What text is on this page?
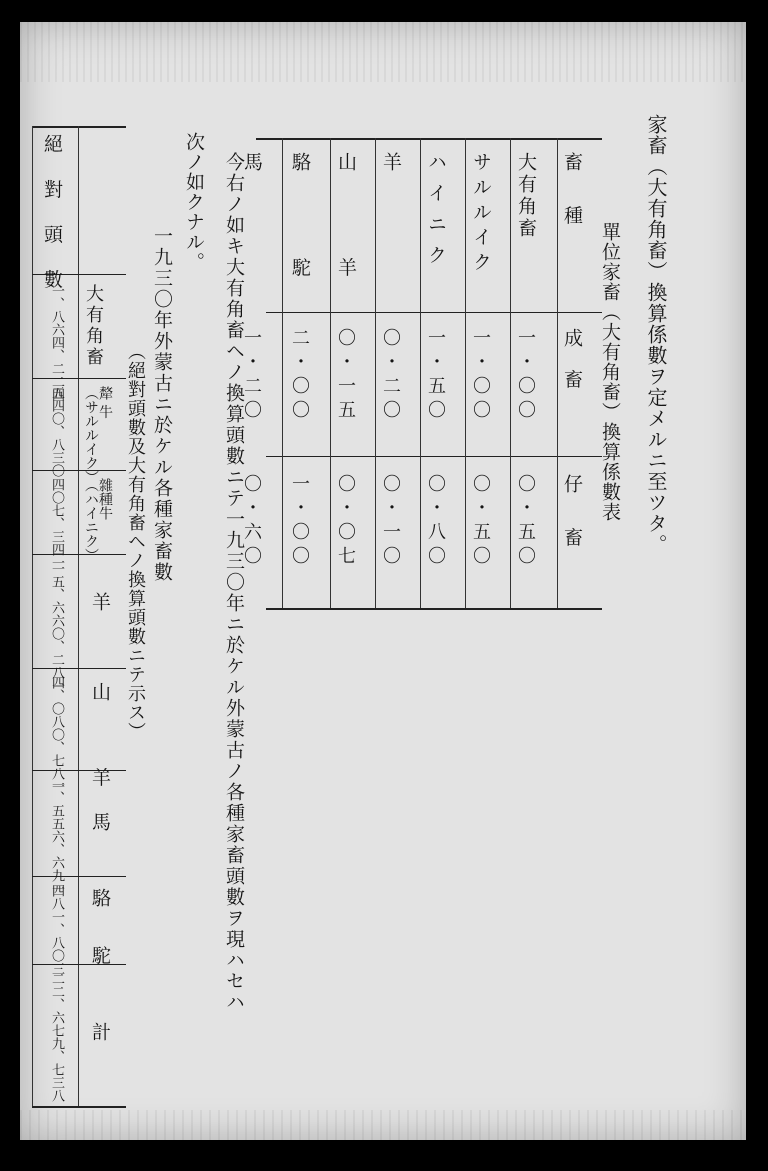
家畜（大有角畜）換算係數ヲ定メルニ至ツタ。
單位家畜（大有角畜）換算係數表
畜 種
成 畜
仔 畜
大有角畜
一・〇〇
〇・五〇
サルルイク
一・〇〇
〇・五〇
ハイニク
一・五〇
〇・八〇
羊
〇・二〇
〇・一〇
山 羊
〇・一五
〇・〇七
駱 駝
二・〇〇
一・〇〇
馬
一・二〇
〇・六〇
今右ノ如キ大有角畜ヘノ換算頭數ニテ一九三〇年ニ於ケル外蒙古ノ各種家畜頭數ヲ現ハセハ
次ノ如クナル。
一九三〇年外蒙古ニ於ケル各種家畜數
（絕對頭數及大有角畜ヘノ換算頭數ニテ示ス）
絕 對 頭 數
大有角畜
犛 牛
（サルルイク）
雜種牛
（ハイニク）
羊
山 羊
馬
駱 駝
計
一、八六四、二二四
五四〇、八三〇
四〇七、三四一
一五、六六〇、二八一
四、〇八〇、七八一
一、五五六、六九一
四八一、八〇三
二二、六七九、七三八
